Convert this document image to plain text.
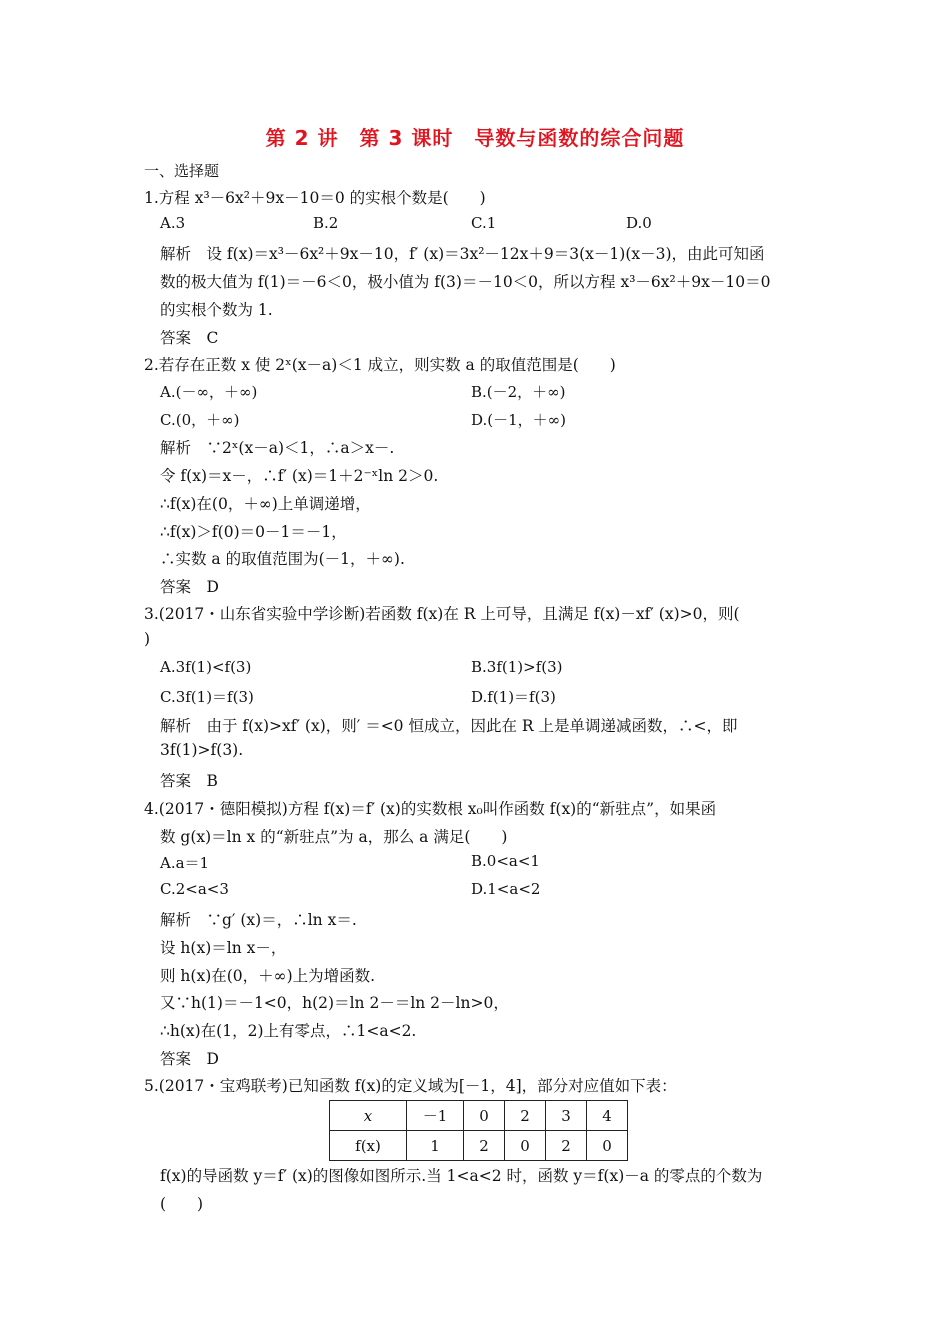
第 2 讲　第 3 课时　导数与函数的综合问题
一、选择题
1.方程 x³－6x²＋9x－10＝0 的实根个数是(　　)
A.3	B.2	C.1	D.0
解析　设 f(x)＝x³－6x²＋9x－10，f′ (x)＝3x²－12x＋9＝3(x－1)(x－3)，由此可知函
数的极大值为 f(1)＝－6＜0，极小值为 f(3)＝－10＜0，所以方程 x³－6x²＋9x－10＝0
的实根个数为 1.
答案　C
2.若存在正数 x 使 2ˣ(x－a)＜1 成立，则实数 a 的取值范围是(　　)
A.(－∞，＋∞)	B.(－2，＋∞)
C.(0，＋∞)	D.(－1，＋∞)
解析　∵2ˣ(x－a)＜1，∴a＞x－.
令 f(x)＝x－，∴f′ (x)＝1＋2⁻ˣln 2＞0.
∴f(x)在(0，＋∞)上单调递增，
∴f(x)＞f(0)＝0－1＝－1，
∴实数 a 的取值范围为(－1，＋∞).
答案　D
3.(2017・山东省实验中学诊断)若函数 f(x)在 R 上可导，且满足 f(x)－xf′ (x)>0，则(
)
A.3f(1)<f(3)	B.3f(1)>f(3)
C.3f(1)＝f(3)	D.f(1)＝f(3)
解析　由于 f(x)>xf′ (x)，则′ ＝<0 恒成立，因此在 R 上是单调递减函数，∴<，即
3f(1)>f(3).
答案　B
4.(2017・德阳模拟)方程 f(x)＝f′ (x)的实数根 x₀叫作函数 f(x)的“新驻点”，如果函
数 g(x)＝ln x 的“新驻点”为 a，那么 a 满足(　　)
A.a＝1	B.0<a<1
C.2<a<3	D.1<a<2
解析　∵g′ (x)＝，∴ln x＝.
设 h(x)＝ln x－，
则 h(x)在(0，＋∞)上为增函数.
又∵h(1)＝－1<0，h(2)＝ln 2－＝ln 2－ln>0，
∴h(x)在(1，2)上有零点，∴1<a<2.
答案　D
5.(2017・宝鸡联考)已知函数 f(x)的定义域为[－1，4]，部分对应值如下表：
x	－1	0	2	3	4
f(x)	1	2	0	2	0
f(x)的导函数 y＝f′ (x)的图像如图所示.当 1<a<2 时，函数 y＝f(x)－a 的零点的个数为
(　　)
